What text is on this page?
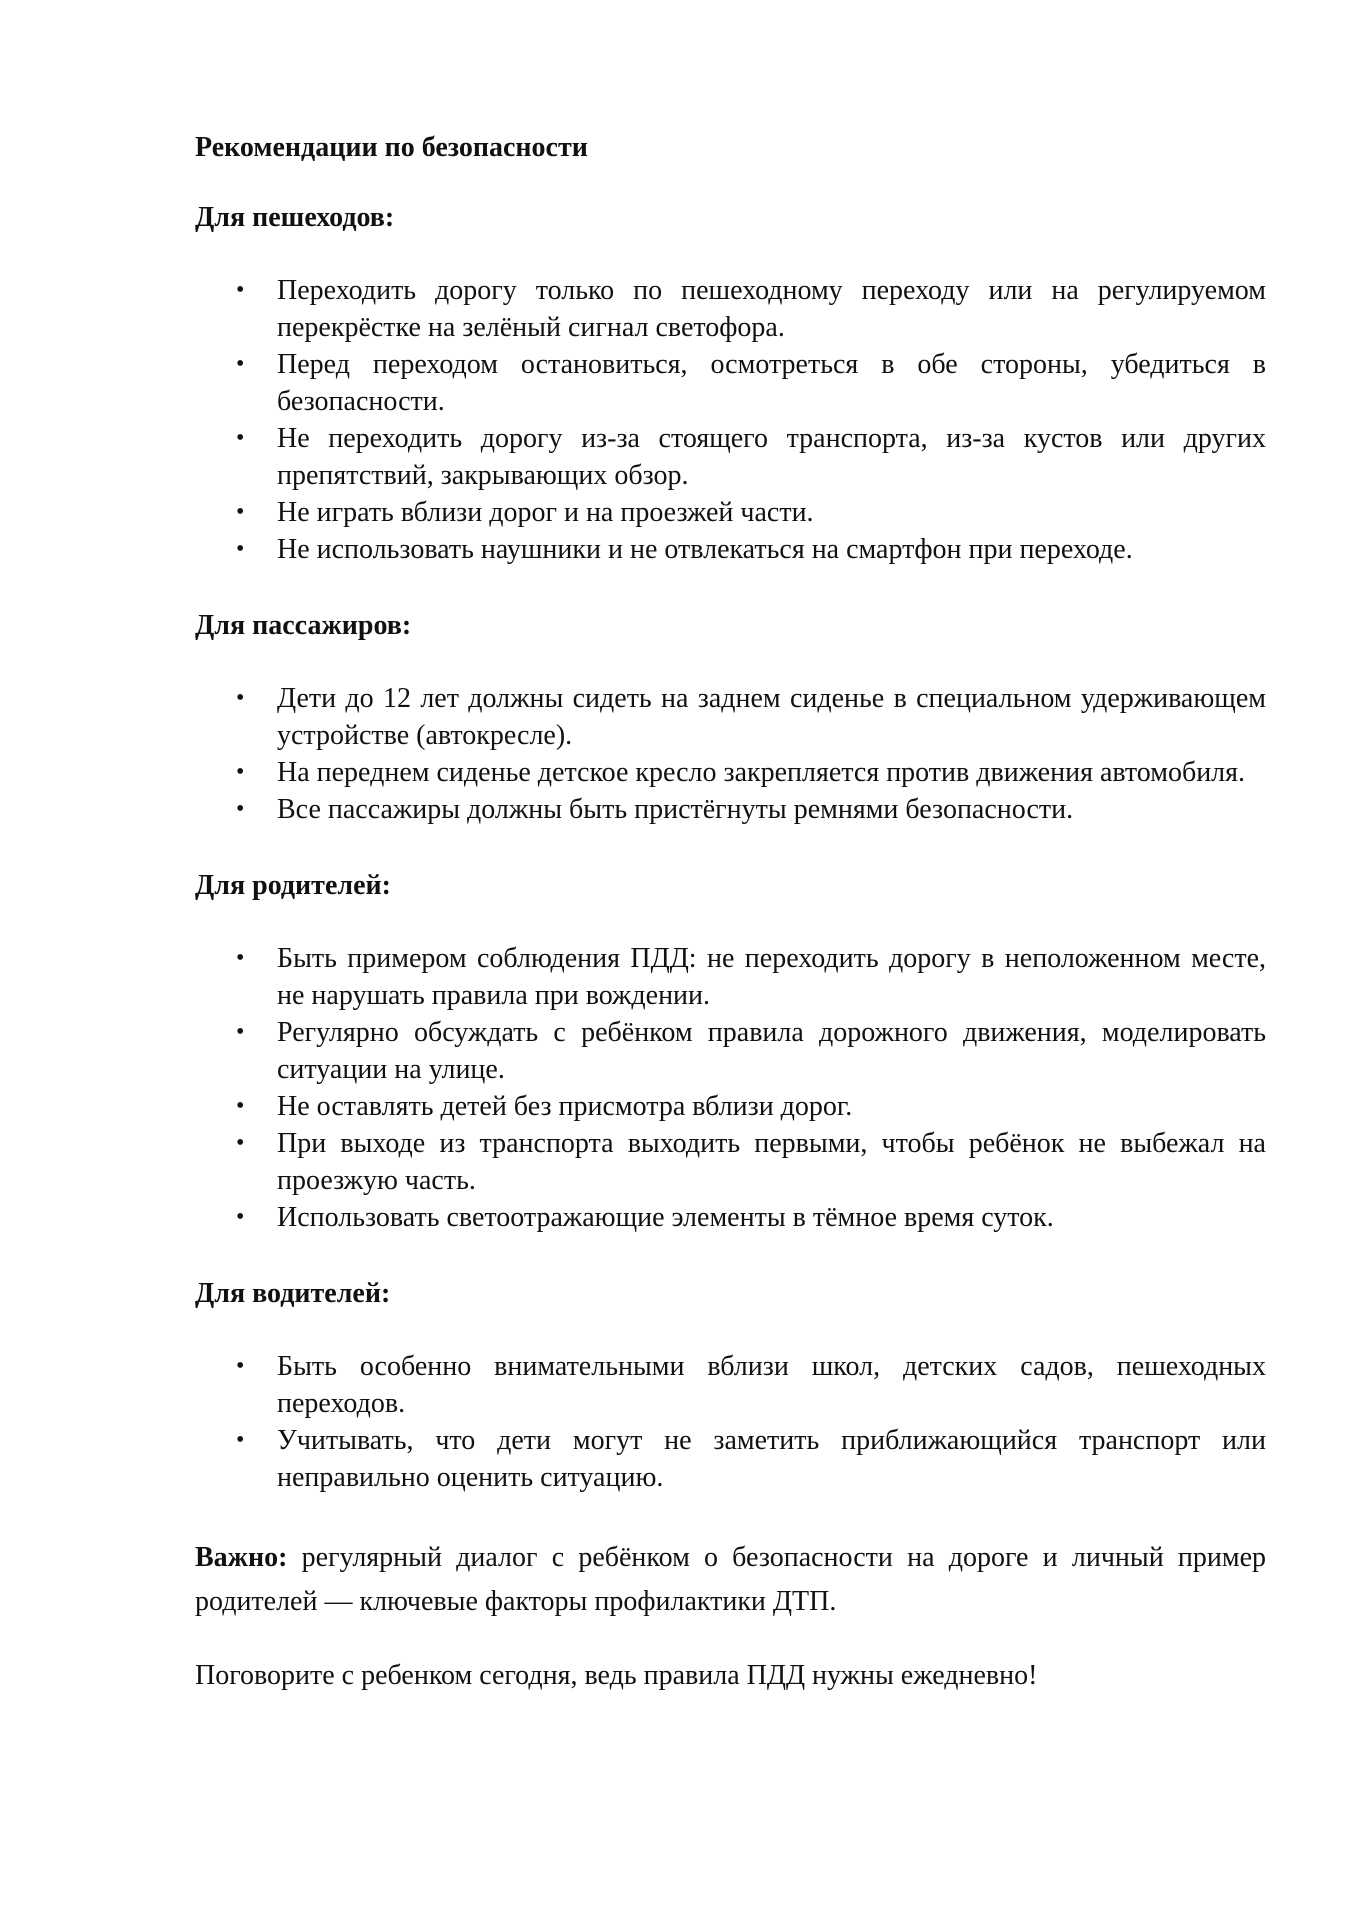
Рекомендации по безопасности
Для пешеходов:
• Переходить дорогу только по пешеходному переходу или на регулируемом перекрёстке на зелёный сигнал светофора.
• Перед переходом остановиться, осмотреться в обе стороны, убедиться в безопасности.
• Не переходить дорогу из-за стоящего транспорта, из-за кустов или других препятствий, закрывающих обзор.
• Не играть вблизи дорог и на проезжей части.
• Не использовать наушники и не отвлекаться на смартфон при переходе.
Для пассажиров:
• Дети до 12 лет должны сидеть на заднем сиденье в специальном удерживающем устройстве (автокресле).
• На переднем сиденье детское кресло закрепляется против движения автомобиля.
• Все пассажиры должны быть пристёгнуты ремнями безопасности.
Для родителей:
• Быть примером соблюдения ПДД: не переходить дорогу в неположенном месте, не нарушать правила при вождении.
• Регулярно обсуждать с ребёнком правила дорожного движения, моделировать ситуации на улице.
• Не оставлять детей без присмотра вблизи дорог.
• При выходе из транспорта выходить первыми, чтобы ребёнок не выбежал на проезжую часть.
• Использовать светоотражающие элементы в тёмное время суток.
Для водителей:
• Быть особенно внимательными вблизи школ, детских садов, пешеходных переходов.
• Учитывать, что дети могут не заметить приближающийся транспорт или неправильно оценить ситуацию.

Важно: регулярный диалог с ребёнком о безопасности на дороге и личный пример родителей — ключевые факторы профилактики ДТП.

Поговорите с ребенком сегодня, ведь правила ПДД нужны ежедневно!
